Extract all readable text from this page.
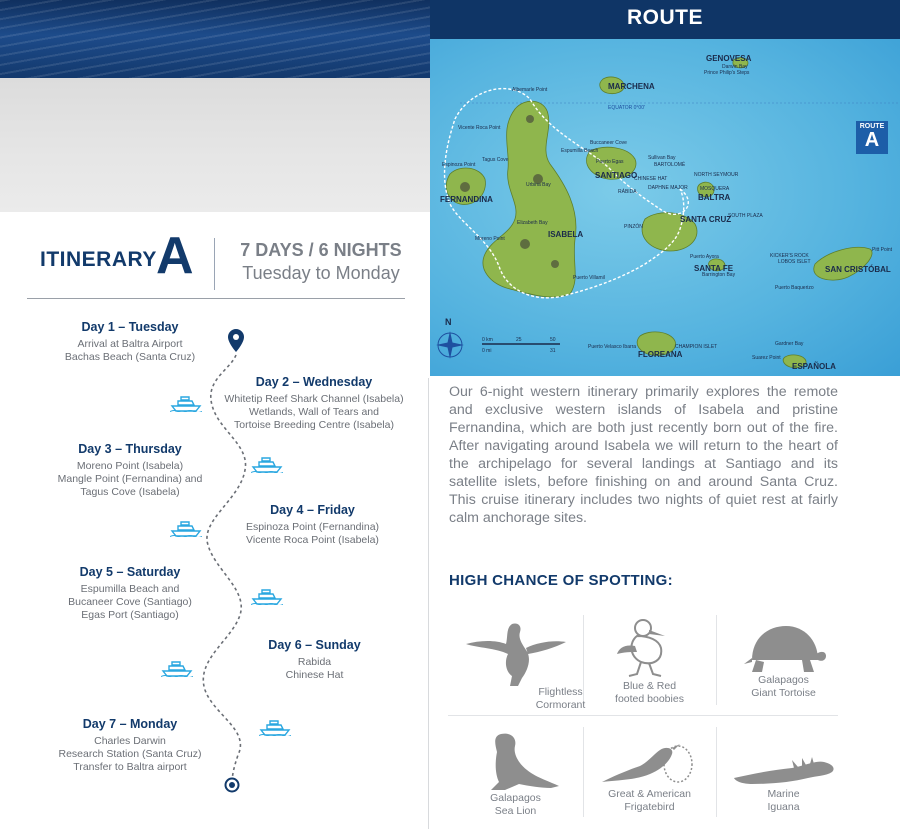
ITINERARY A	7 DAYS / 6 NIGHTS
Tuesday to Monday
Day 1 – Tuesday
Arrival at Baltra Airport
Bachas Beach (Santa Cruz)
Day 2 – Wednesday
Whitetip Reef Shark Channel (Isabela)
Wetlands, Wall of Tears and
Tortoise Breeding Centre (Isabela)
Day 3 – Thursday
Moreno Point (Isabela)
Mangle Point (Fernandina) and
Tagus Cove (Isabela)
Day 4 – Friday
Espinoza Point (Fernandina)
Vicente Roca Point (Isabela)
Day 5 – Saturday
Espumilla Beach and
Bucaneer Cove (Santiago)
Egas Port (Santiago)
Day 6 – Sunday
Rabida
Chinese Hat
Day 7 – Monday
Charles Darwin
Research Station (Santa Cruz)
Transfer to Baltra airport
ROUTE
GENOVESA
MARCHENA
SANTIAGO
FERNANDINA
ISABELA
SANTA CRUZ
BALTRA
SANTA FE	SAN CRISTÓBAL
FLOREANA
ESPAÑOLA
Darwin Bay
Prince Philip's Steps
EQUATOR 0°00'
Albemarle Point
Buccaneer Cove
Espumilla Beach
Puerto Egas
Sullivan Bay
BARTOLOMÉ
CHINESE HAT
RÁBIDA
DAPHNE MAJOR
NORTH SEYMOUR
MOSQUERA
SOUTH PLAZA
PINZÓN
Puerto Ayora
Barrington Bay
KICKER'S ROCK
LOBOS ISLET
Pitt Point
Puerto Baquerizo
Puerto Villamil
Puerto Velasco Ibarra	CHAMPION ISLET	Gardner Bay
Suarez Point
Vicente Roca Point
Espinoza Point
Moreno Point
Elizabeth Bay
Urbina Bay
Tagus Cove
N
0 km	25	50
0 mi	31
ROUTE
A
Our 6-night western itinerary primarily explores the remote and exclusive western islands of Isabela and pristine Fernandina, which are both just recently born out of the fire. After navigating around Isabela we will return to the heart of the archipelago for several landings at Santiago and its satellite islets, before finishing on and around Santa Cruz. This cruise itinerary includes two nights of quiet rest at fairly calm anchorage sites.
HIGH CHANCE OF SPOTTING:
Flightless
Cormorant
Blue & Red
footed boobies
Galapagos
Giant Tortoise
Galapagos
Sea Lion
Great & American
Frigatebird
Marine
Iguana
